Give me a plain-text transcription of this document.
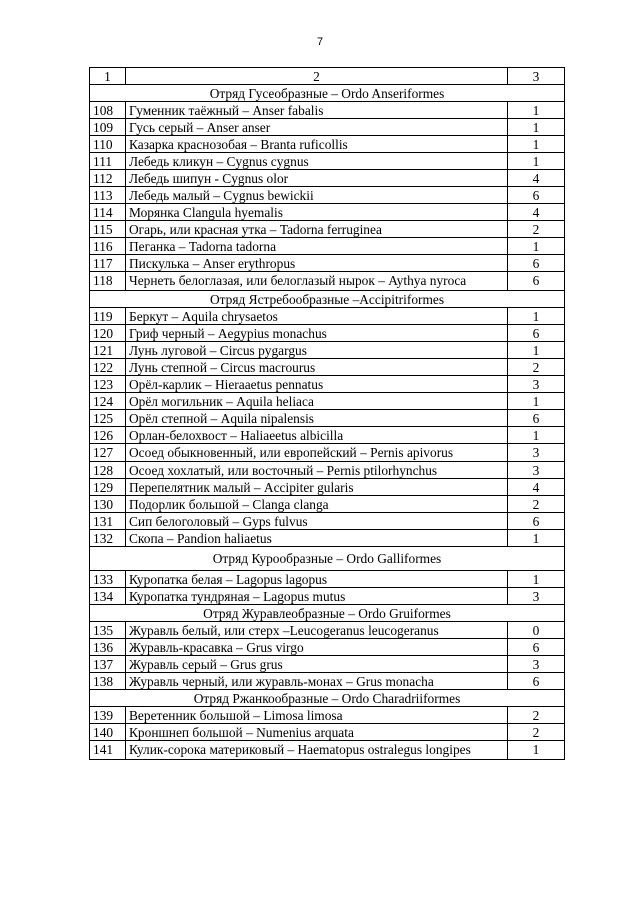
7
1	2	3
Отряд Гусеобразные – Ordo Anseriformes		
108	Гуменник таёжный – Anser fabalis	1
109	Гусь серый – Anser anser	1
110	Казарка краснозобая – Branta ruficollis	1
111	Лебедь кликун – Cygnus cygnus	1
112	Лебедь шипун - Cygnus olor	4
113	Лебедь малый – Cygnus bewickii	6
114	Морянка Clangula hyemalis	4
115	Огарь, или красная утка – Tadorna ferruginea	2
116	Пеганка – Tadorna tadorna	1
117	Пискулька – Anser erythropus	6
118	Чернеть белоглазая, или белоглазый нырок – Aythya nyroca	6
Отряд Ястребообразные –Accipitriformes		
119	Беркут – Aquila chrysaetos	1
120	Гриф черный – Aegypius monachus	6
121	Лунь луговой – Circus pygargus	1
122	Лунь степной – Circus macrourus	2
123	Орёл-карлик – Hieraaetus pennatus	3
124	Орёл могильник – Aquila heliaca	1
125	Орёл степной – Aquila nipalensis	6
126	Орлан-белохвост – Haliaeetus albicilla	1
127	Осоед обыкновенный, или европейский – Pernis apivorus	3
128	Осоед хохлатый, или восточный – Pernis ptilorhynchus	3
129	Перепелятник малый – Accipiter gularis	4
130	Подорлик большой – Clanga clanga	2
131	Сип белоголовый – Gyps fulvus	6
132	Скопа – Pandion haliaetus	1
Отряд Курообразные – Ordo Galliformes		
133	Куропатка белая – Lagopus lagopus	1
134	Куропатка тундряная – Lagopus mutus	3
Отряд Журавлеобразные – Ordo Gruiformes		
135	Журавль белый, или стерх –Leucogeranus leucogeranus	0
136	Журавль-красавка – Grus virgo	6
137	Журавль серый – Grus grus	3
138	Журавль черный, или журавль-монах – Grus monacha	6
Отряд Ржанкообразные – Ordo Charadriiformes		
139	Веретенник большой – Limosa limosa	2
140	Кроншнеп большой – Numenius arquata	2
141	Кулик-сорока материковый – Haematopus ostralegus longipes	1
